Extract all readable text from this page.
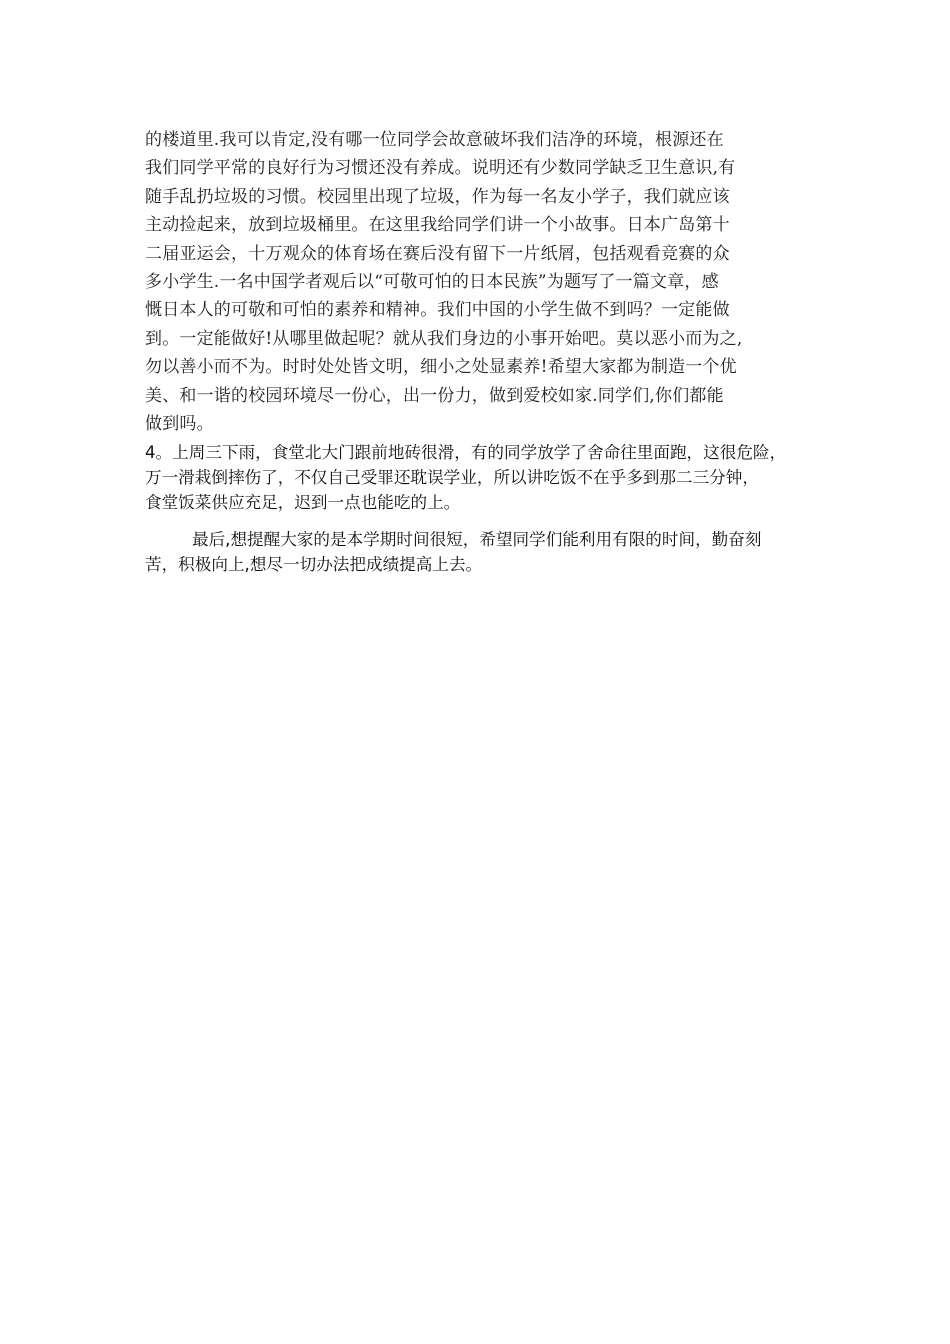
的楼道里.我可以肯定,没有哪一位同学会故意破坏我们洁净的环境，根源还在
我们同学平常的良好行为习惯还没有养成。说明还有少数同学缺乏卫生意识,有
随手乱扔垃圾的习惯。校园里出现了垃圾，作为每一名友小学子，我们就应该
主动捡起来，放到垃圾桶里。在这里我给同学们讲一个小故事。日本广岛第十
二届亚运会，十万观众的体育场在赛后没有留下一片纸屑，包括观看竞赛的众
多小学生.一名中国学者观后以“可敬可怕的日本民族”为题写了一篇文章，感
慨日本人的可敬和可怕的素养和精神。我们中国的小学生做不到吗？一定能做
到。一定能做好!从哪里做起呢？就从我们身边的小事开始吧。莫以恶小而为之,
勿以善小而不为。时时处处皆文明，细小之处显素养!希望大家都为制造一个优
美、和一谐的校园环境尽一份心，出一份力，做到爱校如家.同学们,你们都能
做到吗。
4。上周三下雨，食堂北大门跟前地砖很滑，有的同学放学了舍命往里面跑，这很危险，
万一滑栽倒摔伤了，不仅自己受罪还耽误学业，所以讲吃饭不在乎多到那二三分钟，
食堂饭菜供应充足，迟到一点也能吃的上。
最后,想提醒大家的是本学期时间很短，希望同学们能利用有限的时间，勤奋刻
苦，积极向上,想尽一切办法把成绩提高上去。
